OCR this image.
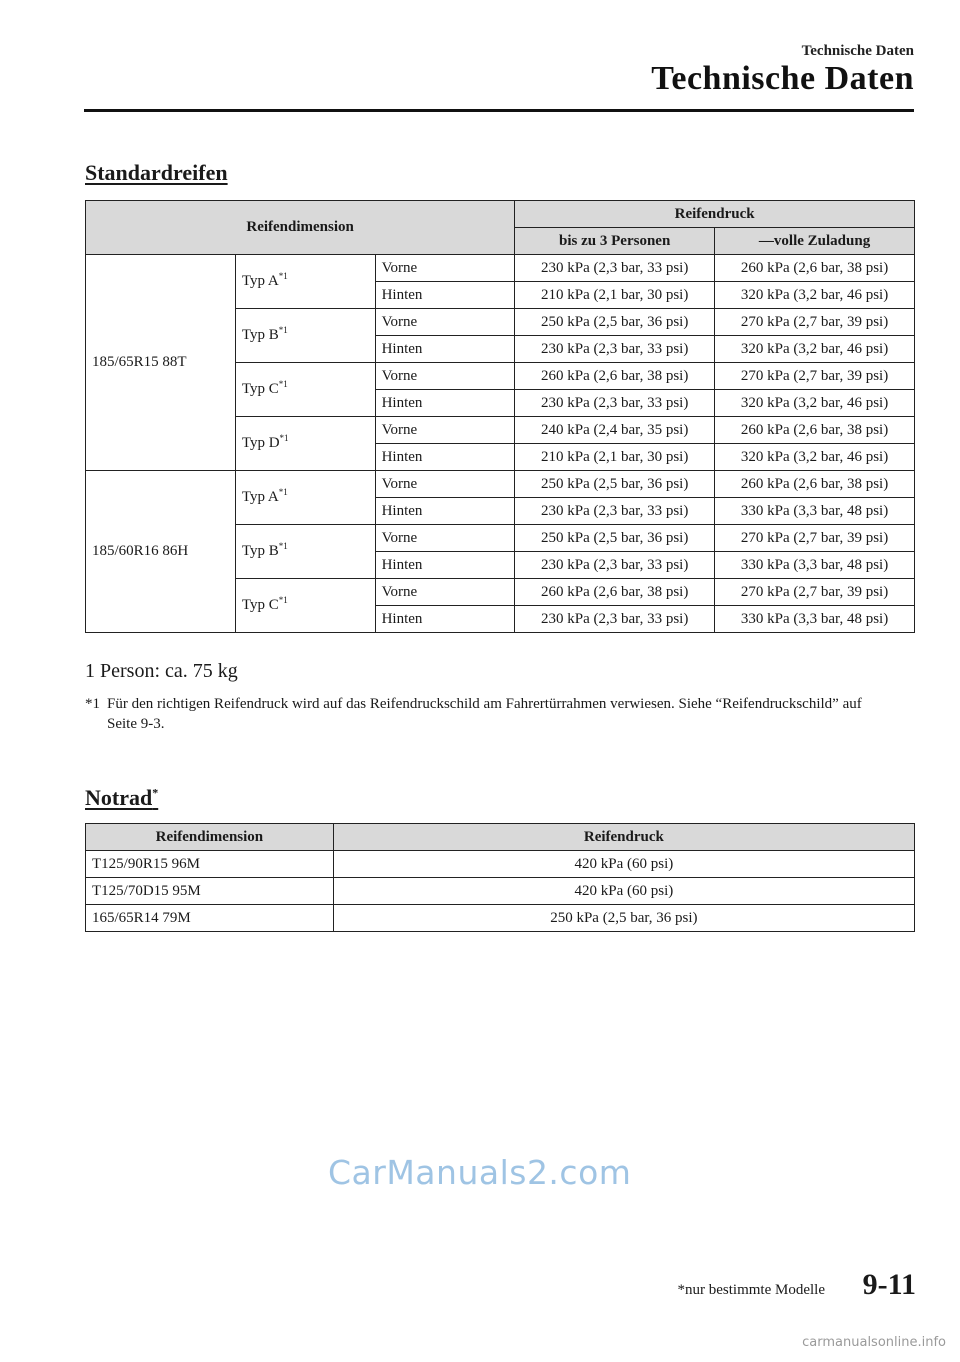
Technische Daten
Technische Daten
Standardreifen
Reifendimension			Reifendruck	
			bis zu 3 Personen	—volle Zuladung
185/65R15 88T	Typ A$^{*1}$	Vorne	230 kPa (2,3 bar, 33 psi)	260 kPa (2,6 bar, 38 psi)
		Hinten	210 kPa (2,1 bar, 30 psi)	320 kPa (3,2 bar, 46 psi)
	Typ B$^{*1}$	Vorne	250 kPa (2,5 bar, 36 psi)	270 kPa (2,7 bar, 39 psi)
		Hinten	230 kPa (2,3 bar, 33 psi)	320 kPa (3,2 bar, 46 psi)
	Typ C$^{*1}$	Vorne	260 kPa (2,6 bar, 38 psi)	270 kPa (2,7 bar, 39 psi)
		Hinten	230 kPa (2,3 bar, 33 psi)	320 kPa (3,2 bar, 46 psi)
	Typ D$^{*1}$	Vorne	240 kPa (2,4 bar, 35 psi)	260 kPa (2,6 bar, 38 psi)
		Hinten	210 kPa (2,1 bar, 30 psi)	320 kPa (3,2 bar, 46 psi)
185/60R16 86H	Typ A$^{*1}$	Vorne	250 kPa (2,5 bar, 36 psi)	260 kPa (2,6 bar, 38 psi)
		Hinten	230 kPa (2,3 bar, 33 psi)	330 kPa (3,3 bar, 48 psi)
	Typ B$^{*1}$	Vorne	250 kPa (2,5 bar, 36 psi)	270 kPa (2,7 bar, 39 psi)
		Hinten	230 kPa (2,3 bar, 33 psi)	330 kPa (3,3 bar, 48 psi)
	Typ C$^{*1}$	Vorne	260 kPa (2,6 bar, 38 psi)	270 kPa (2,7 bar, 39 psi)
		Hinten	230 kPa (2,3 bar, 33 psi)	330 kPa (3,3 bar, 48 psi)
1 Person: ca. 75 kg
*1 Für den richtigen Reifendruck wird auf das Reifendruckschild am Fahrertürrahmen verwiesen. Siehe “Reifendruckschild” auf Seite 9-3.
Notrad*
Reifendimension	Reifendruck
T125/90R15 96M	420 kPa (60 psi)
T125/70D15 95M	420 kPa (60 psi)
165/65R14 79M	250 kPa (2,5 bar, 36 psi)
CarManuals2.com
*nur bestimmte Modelle 9-11
carmanualsonline.info
